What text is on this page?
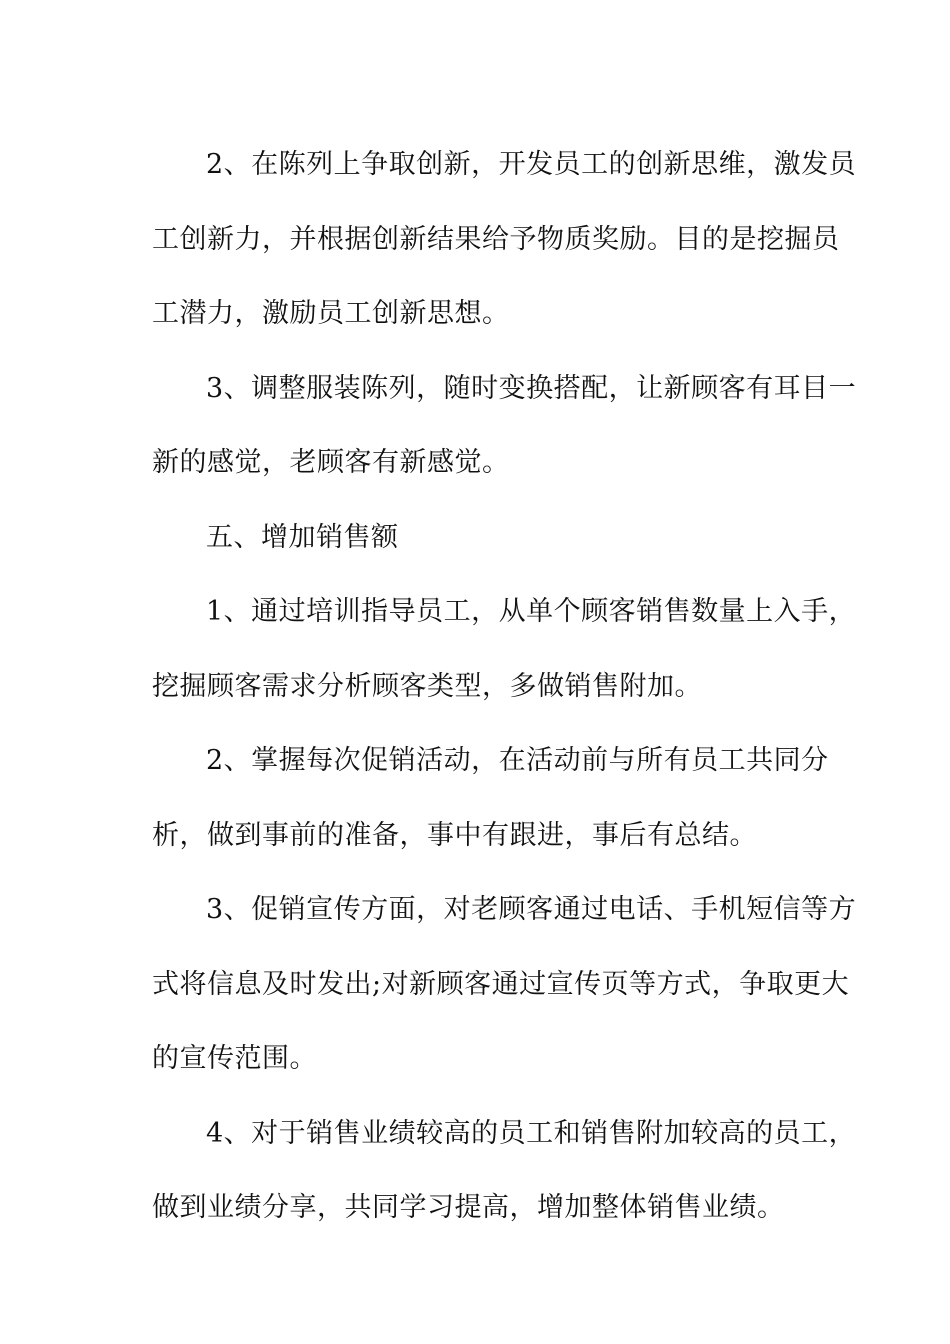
2、在陈列上争取创新，开发员工的创新思维，激发员
工创新力，并根据创新结果给予物质奖励。目的是挖掘员
工潜力，激励员工创新思想。

3、调整服装陈列，随时变换搭配，让新顾客有耳目一
新的感觉，老顾客有新感觉。

五、增加销售额

1、通过培训指导员工，从单个顾客销售数量上入手，
挖掘顾客需求分析顾客类型，多做销售附加。

2、掌握每次促销活动，在活动前与所有员工共同分
析，做到事前的准备，事中有跟进，事后有总结。

3、促销宣传方面，对老顾客通过电话、手机短信等方
式将信息及时发出;对新顾客通过宣传页等方式，争取更大
的宣传范围。

4、对于销售业绩较高的员工和销售附加较高的员工，
做到业绩分享，共同学习提高，增加整体销售业绩。
